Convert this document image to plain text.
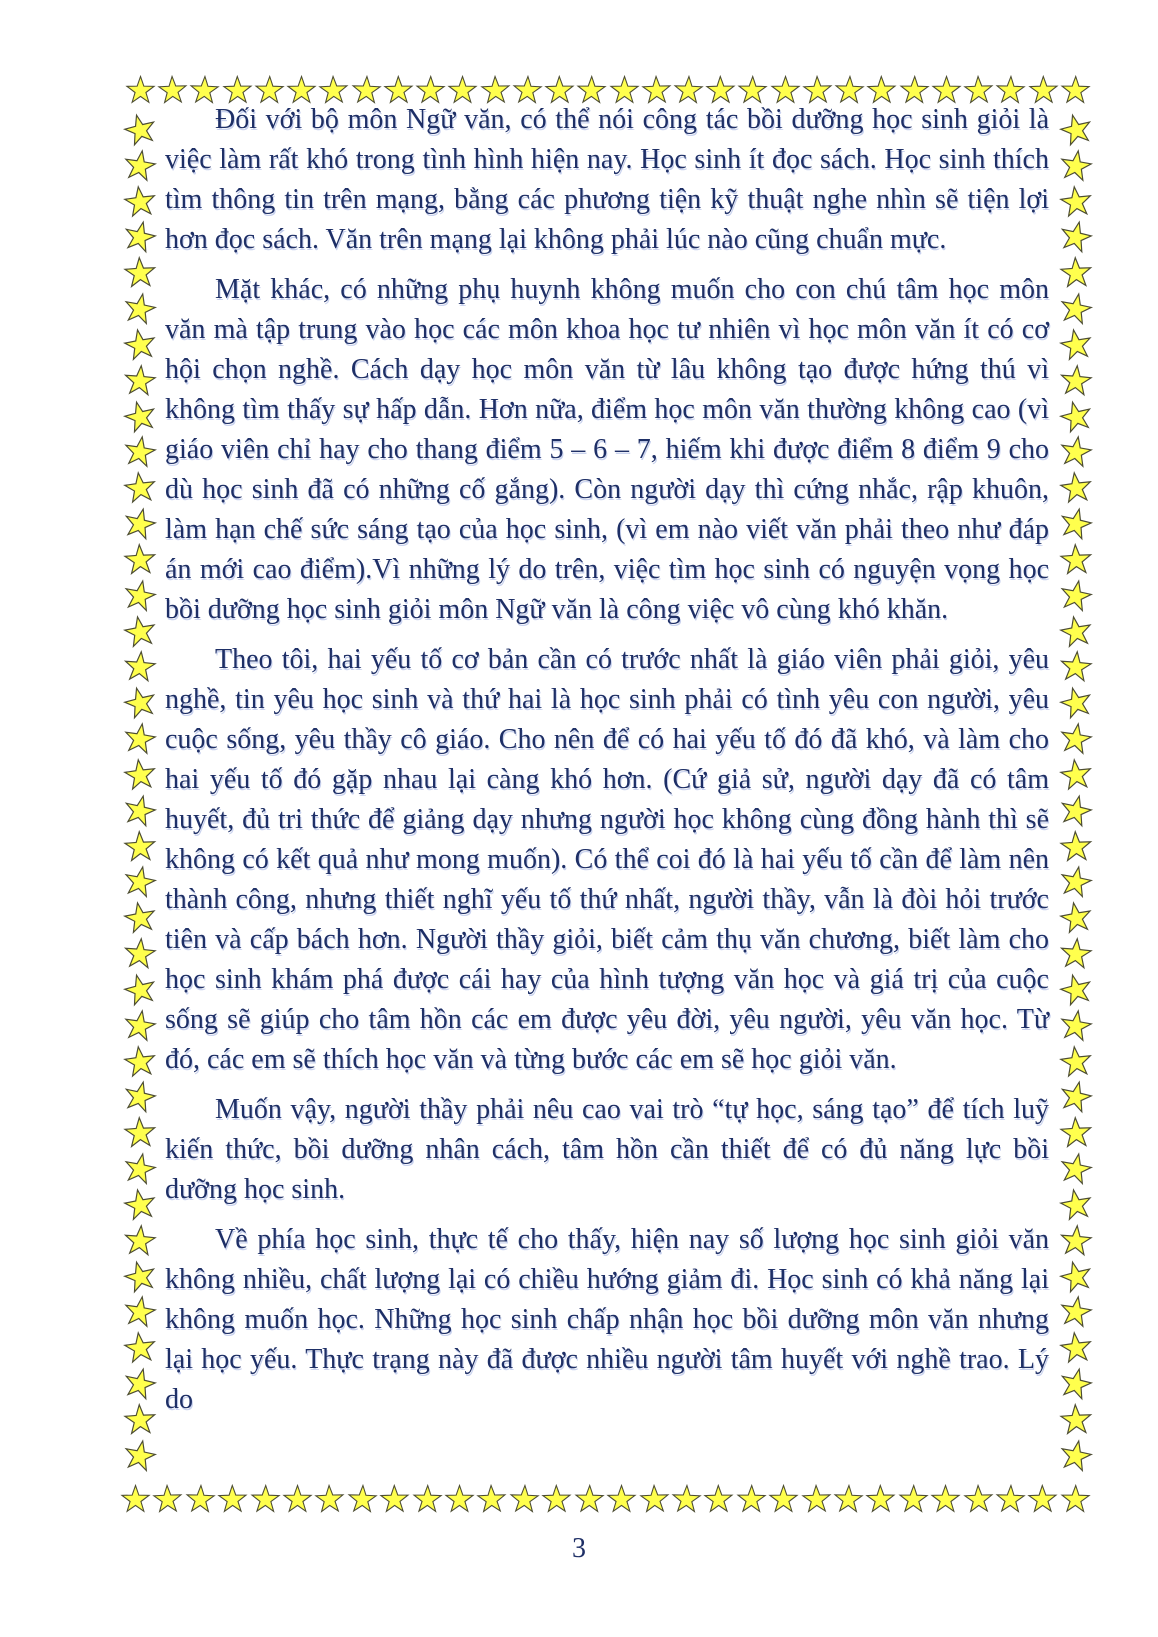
Đối với bộ môn Ngữ văn, có thể nói công tác bồi dưỡng học sinh giỏi là việc làm rất khó trong tình hình hiện nay. Học sinh ít đọc sách. Học sinh thích tìm thông tin trên mạng, bằng các phương tiện kỹ thuật nghe nhìn sẽ tiện lợi hơn đọc sách. Văn trên mạng lại không phải lúc nào cũng chuẩn mực.

Mặt khác, có những phụ huynh không muốn cho con chú tâm học môn văn mà tập trung vào học các môn khoa học tư nhiên vì học môn văn ít có cơ hội chọn nghề. Cách dạy học môn văn từ lâu không tạo được hứng thú vì không tìm thấy sự hấp dẫn. Hơn nữa, điểm học môn văn thường không cao (vì giáo viên chỉ hay cho thang điểm 5 – 6 – 7, hiếm khi được điểm 8 điểm 9 cho dù học sinh đã có những cố gắng). Còn người dạy thì cứng nhắc, rập khuôn, làm hạn chế sức sáng tạo của học sinh, (vì em nào viết văn phải theo như đáp án mới cao điểm).Vì những lý do trên, việc tìm học sinh có nguyện vọng học bồi dưỡng học sinh giỏi môn Ngữ văn là công việc vô cùng khó khăn.

Theo tôi, hai yếu tố cơ bản cần có trước nhất là giáo viên phải giỏi, yêu nghề, tin yêu học sinh và thứ hai là học sinh phải có tình yêu con người, yêu cuộc sống, yêu thầy cô giáo. Cho nên để có hai yếu tố đó đã khó, và làm cho hai yếu tố đó gặp nhau lại càng khó hơn. (Cứ giả sử, người dạy đã có tâm huyết, đủ tri thức để giảng dạy nhưng người học không cùng đồng hành thì sẽ không có kết quả như mong muốn). Có thể coi đó là hai yếu tố cần để làm nên thành công, nhưng thiết nghĩ yếu tố thứ nhất, người thầy, vẫn là đòi hỏi trước tiên và cấp bách hơn. Người thầy giỏi, biết cảm thụ văn chương, biết làm cho học sinh khám phá được cái hay của hình tượng văn học và giá trị của cuộc sống sẽ giúp cho tâm hồn các em được yêu đời, yêu người, yêu văn học. Từ đó, các em sẽ thích học văn và từng bước các em sẽ học giỏi văn.

Muốn vậy, người thầy phải nêu cao vai trò “tự học, sáng tạo” để tích luỹ kiến thức, bồi dưỡng nhân cách, tâm hồn cần thiết để có đủ năng lực bồi dưỡng học sinh.

Về phía học sinh, thực tế cho thấy, hiện nay số lượng học sinh giỏi văn không nhiều, chất lượng lại có chiều hướng giảm đi. Học sinh có khả năng lại không muốn học. Những học sinh chấp nhận học bồi dưỡng môn văn nhưng lại học yếu. Thực trạng này đã được nhiều người tâm huyết với nghề trao. Lý do

3
